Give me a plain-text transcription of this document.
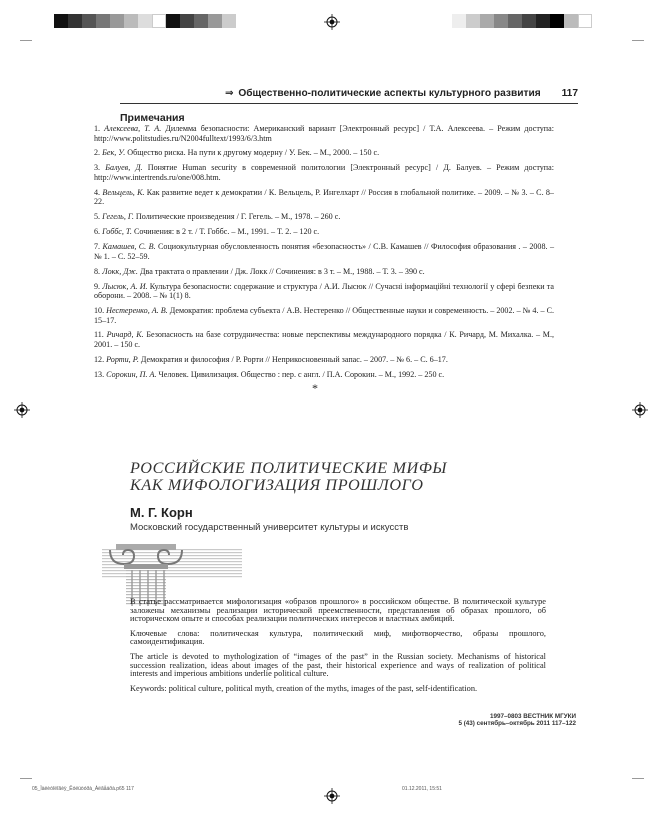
⇒ Общественно-политические аспекты культурного развития 117
Примечания

1. Алексеева, Т. А. Дилемма безопасности: Американский вариант [Электронный ресурс] / Т.А. Алексеева. – Режим доступа: http://www.politstudies.ru/N2004fulltext/1993/6/3.htm

2. Бек, У. Общество риска. На пути к другому модерну / У. Бек. – М., 2000. – 150 с.

3. Балуев, Д. Понятие Human security в современной политологии [Электронный ресурс] / Д. Балуев. – Режим доступа: http://www.intertrends.ru/one/008.htm.

4. Вельцель, К. Как развитие ведет к демократии / К. Вельцель, Р. Ингелхарт // Россия в глобальной политике. – 2009. – № 3. – С. 8–22.

5. Гегель, Г. Политические произведения / Г. Гегель. – М., 1978. – 260 с.

6. Гоббс, Т. Сочинения: в 2 т. / Т. Гоббс. – М., 1991. – Т. 2. – 120 с.

7. Камашев, С. В. Социокультурная обусловленность понятия «безопасность» / С.В. Камашев // Философия образования . – 2008. – № 1. – С. 52–59.

8. Локк, Дж. Два трактата о правлении / Дж. Локк // Сочинения: в 3 т. – М., 1988. – Т. 3. – 390 с.

9. Лысюк, А. И. Культура безопасности: содержание и структура / А.И. Лысюк // Сучасні інформаційні технології у сфері безпеки та оборони. – 2008. – № 1(1) 8.

10. Нестеренко, А. В. Демократия: проблема субъекта / А.В. Нестеренко // Общественные науки и современность. – 2002. – № 4. – С. 15–17.

11. Ричард, К. Безопасность на базе сотрудничества: новые перспективы международного порядка / К. Ричард, М. Михалка. – М., 2001. – 150 с.

12. Рорти, Р. Демократия и философия / Р. Рорти // Неприкосновенный запас. – 2007. – № 6. – С. 6–17.

13. Сорокин, П. А. Человек. Цивилизация. Общество : пер. с англ. / П.А. Сорокин. – М., 1992. – 250 с.

*
РОССИЙСКИЕ ПОЛИТИЧЕСКИЕ МИФЫ
КАК МИФОЛОГИЗАЦИЯ ПРОШЛОГО
М. Г. Корн
Московский государственный университет культуры и искусств

В статье рассматривается мифологизация «образов прошлого» в российском обществе. В политической культуре заложены механизмы реализации исторической преемственности, представления об образах прошлого, об историческом опыте и способах реализации политических интересов и властных амбиций.

Ключевые слова: политическая культура, политический миф, мифотворчество, образы прошлого, самоидентификация.

The article is devoted to mythologization of “images of the past” in the Russian society. Mechanisms of historical succession realization, ideas about images of the past, their historical experience and ways of realization of political interests and imperious ambitions underlie political culture.

Keywords: political culture, political myth, creation of the myths, images of the past, self-identification.

1997–0803 ВЕСТНИК МГУКИ
5 (43) сентябрь–октябрь 2011 117–122
05_Ïàëèòîëîãèÿ_Êóëüòóðà_Àëãåáðà.p65 117	01.12.2011, 15:51
